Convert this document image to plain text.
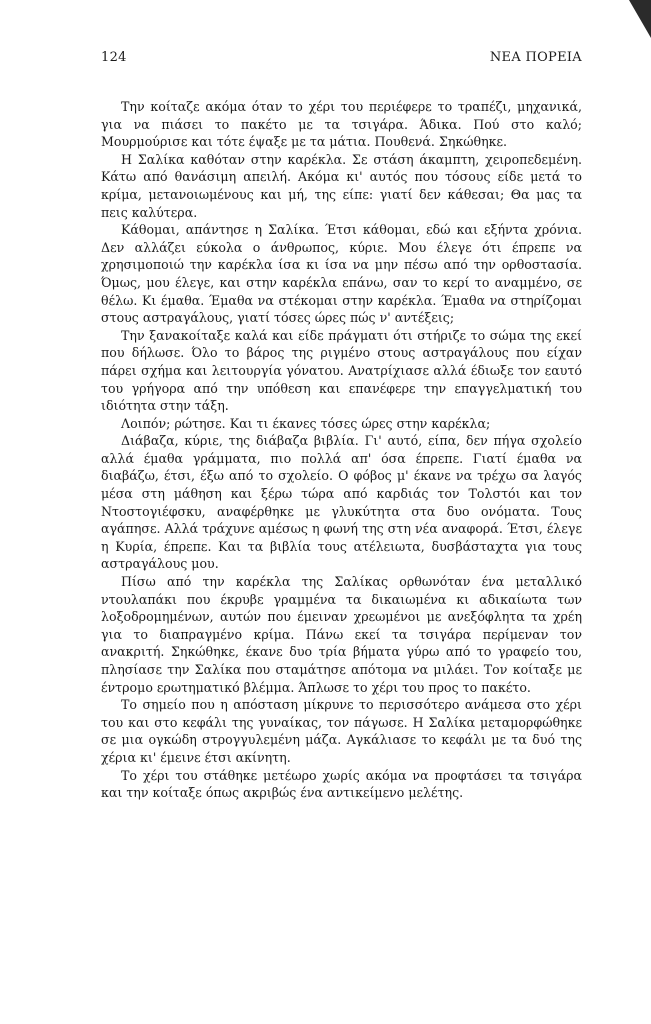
124	ΝΕΑ ΠΟΡΕΙΑ

Την κοίταζε ακόμα όταν το χέρι του περιέφερε το τραπέζι, μηχανικά, για να πιάσει το πακέτο με τα τσιγάρα. Άδικα. Πού στο καλό; Μουρμούρισε και τότε έψαξε με τα μάτια. Πουθενά. Σηκώθηκε.

Η Σαλίκα καθόταν στην καρέκλα. Σε στάση άκαμπτη, χειροπεδεμένη. Κάτω από θανάσιμη απειλή. Ακόμα κι' αυτός που τόσους είδε μετά το κρίμα, μετανοιωμένους και μή, της είπε: γιατί δεν κάθεσαι; Θα μας τα πεις καλύτερα.

Κάθομαι, απάντησε η Σαλίκα. Έτσι κάθομαι, εδώ και εξήντα χρόνια. Δεν αλλάζει εύκολα ο άνθρωπος, κύριε. Μου έλεγε ότι έπρεπε να χρησιμοποιώ την καρέκλα ίσα κι ίσα να μην πέσω από την ορθοστασία. Όμως, μου έλεγε, και στην καρέκλα επάνω, σαν το κερί το αναμμένο, σε θέλω. Κι έμαθα. Έμαθα να στέκομαι στην καρέκλα. Έμαθα να στηρίζομαι στους αστραγάλους, γιατί τόσες ώρες πώς ν' αντέξεις;

Την ξανακοίταξε καλά και είδε πράγματι ότι στήριζε το σώμα της εκεί που δήλωσε. Όλο το βάρος της ριγμένο στους αστραγάλους που είχαν πάρει σχήμα και λειτουργία γόνατου. Ανατρίχιασε αλλά έδιωξε τον εαυτό του γρήγορα από την υπόθεση και επανέφερε την επαγγελματική του ιδιότητα στην τάξη.

Λοιπόν; ρώτησε. Και τι έκανες τόσες ώρες στην καρέκλα;

Διάβαζα, κύριε, της διάβαζα βιβλία. Γι' αυτό, είπα, δεν πήγα σχολείο αλλά έμαθα γράμματα, πιο πολλά απ' όσα έπρεπε. Γιατί έμαθα να διαβάζω, έτσι, έξω από το σχολείο. Ο φόβος μ' έκανε να τρέχω σα λαγός μέσα στη μάθηση και ξέρω τώρα από καρδιάς τον Τολστόι και τον Ντοστογιέφσκυ, αναφέρθηκε με γλυκύτητα στα δυο ονόματα. Τους αγάπησε. Αλλά τράχυνε αμέσως η φωνή της στη νέα αναφορά. Έτσι, έλεγε η Κυρία, έπρεπε. Και τα βιβλία τους ατέλειωτα, δυσβάσταχτα για τους αστραγάλους μου.

Πίσω από την καρέκλα της Σαλίκας ορθωνόταν ένα μεταλλικό ντουλαπάκι που έκρυβε γραμμένα τα δικαιωμένα κι αδικαίωτα των λοξοδρομημένων, αυτών που έμειναν χρεωμένοι με ανεξόφλητα τα χρέη για το διαπραγμένο κρίμα. Πάνω εκεί τα τσιγάρα περίμεναν τον ανακριτή. Σηκώθηκε, έκανε δυο τρία βήματα γύρω από το γραφείο του, πλησίασε την Σαλίκα που σταμάτησε απότομα να μιλάει. Τον κοίταξε με έντρομο ερωτηματικό βλέμμα. Άπλωσε το χέρι του προς το πακέτο.

Το σημείο που η απόσταση μίκρυνε το περισσότερο ανάμεσα στο χέρι του και στο κεφάλι της γυναίκας, τον πάγωσε. Η Σαλίκα μεταμορφώθηκε σε μια ογκώδη στρογγυλεμένη μάζα. Αγκάλιασε το κεφάλι με τα δυό της χέρια κι' έμεινε έτσι ακίνητη.

Το χέρι του στάθηκε μετέωρο χωρίς ακόμα να προφτάσει τα τσιγάρα και την κοίταξε όπως ακριβώς ένα αντικείμενο μελέτης.
